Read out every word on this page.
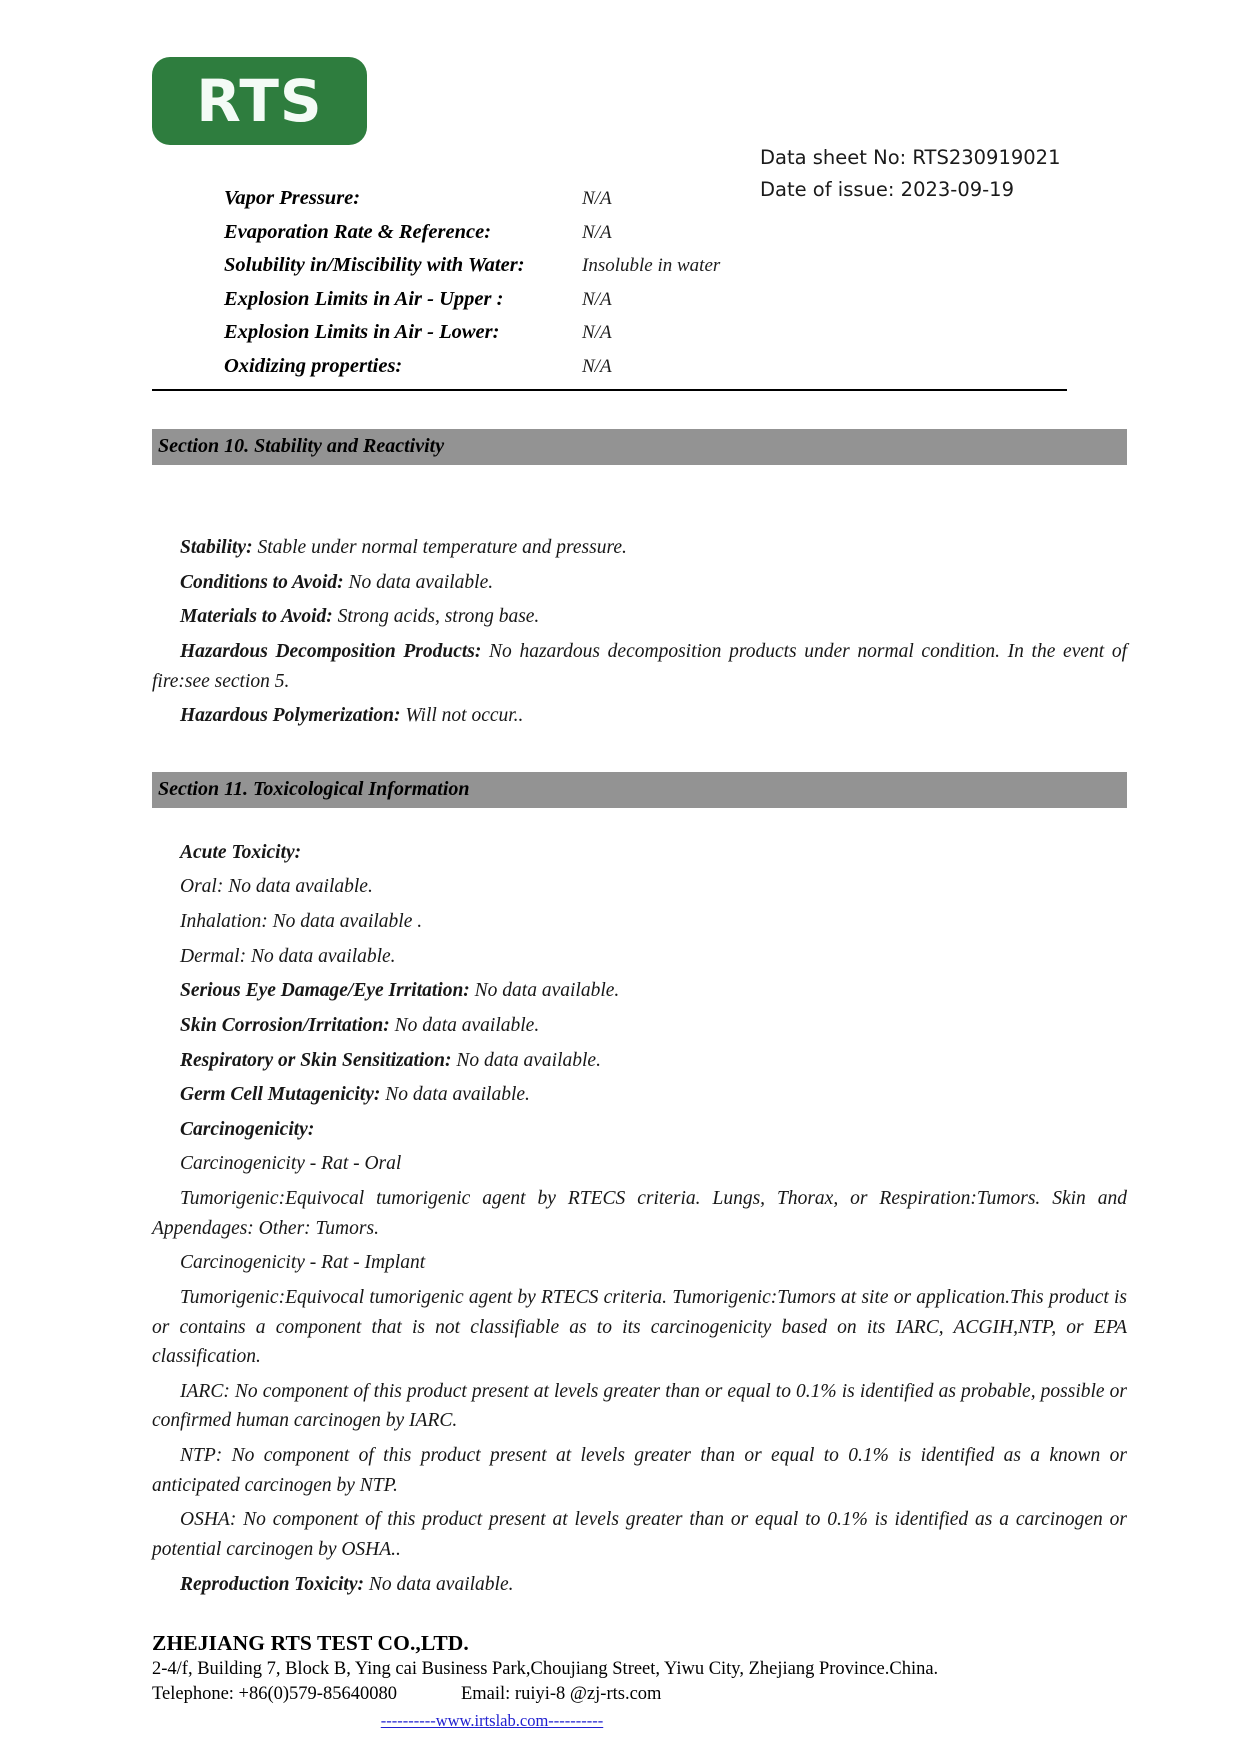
RTS
Data sheet No: RTS230919021
Date of issue: 2023-09-19
Vapor Pressure:	N/A
Evaporation Rate & Reference:	N/A
Solubility in/Miscibility with Water:	Insoluble in water
Explosion Limits in Air - Upper :	N/A
Explosion Limits in Air - Lower:	N/A
Oxidizing properties:	N/A
Section 10. Stability and Reactivity

Stability: Stable under normal temperature and pressure.

Conditions to Avoid: No data available.

Materials to Avoid: Strong acids, strong base.

Hazardous Decomposition Products: No hazardous decomposition products under normal condition. In the event of fire:see section 5.

Hazardous Polymerization: Will not occur..

Section 11. Toxicological Information

Acute Toxicity:

Oral: No data available.

Inhalation: No data available .

Dermal: No data available.

Serious Eye Damage/Eye Irritation: No data available.

Skin Corrosion/Irritation: No data available.

Respiratory or Skin Sensitization: No data available.

Germ Cell Mutagenicity: No data available.

Carcinogenicity:

Carcinogenicity - Rat - Oral

Tumorigenic:Equivocal tumorigenic agent by RTECS criteria. Lungs, Thorax, or Respiration:Tumors. Skin and Appendages: Other: Tumors.

Carcinogenicity - Rat - Implant

Tumorigenic:Equivocal tumorigenic agent by RTECS criteria. Tumorigenic:Tumors at site or application.This product is or contains a component that is not classifiable as to its carcinogenicity based on its IARC, ACGIH,NTP, or EPA classification.

IARC: No component of this product present at levels greater than or equal to 0.1% is identified as probable, possible or confirmed human carcinogen by IARC.

NTP: No component of this product present at levels greater than or equal to 0.1% is identified as a known or anticipated carcinogen by NTP.

OSHA: No component of this product present at levels greater than or equal to 0.1% is identified as a carcinogen or potential carcinogen by OSHA..

Reproduction Toxicity: No data available.

ZHEJIANG RTS TEST CO.,LTD.
2-4/f, Building 7, Block B, Ying cai Business Park,Choujiang Street, Yiwu City, Zhejiang Province.China.
Telephone: +86(0)579-85640080	Email: ruiyi-8 @zj-rts.com
----------www.irtslab.com----------
